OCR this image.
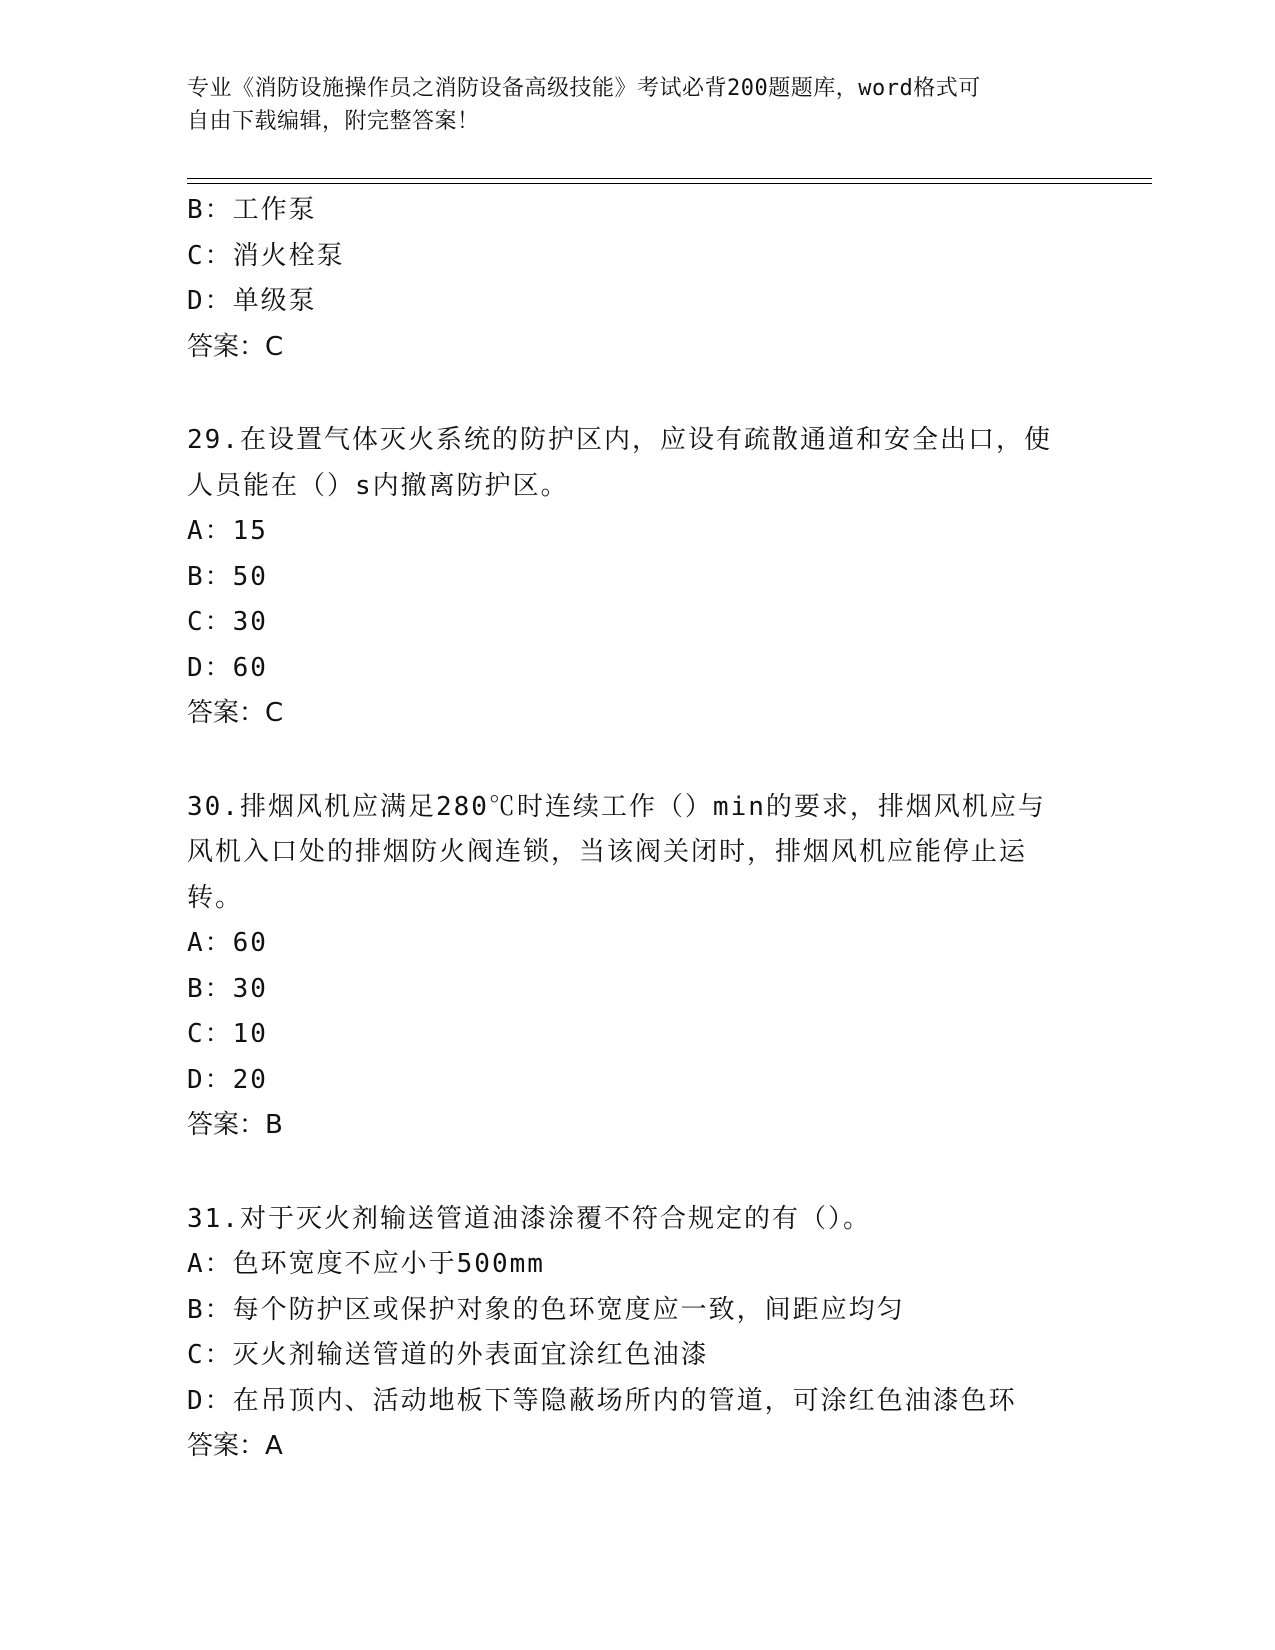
专业《消防设施操作员之消防设备高级技能》考试必背200题题库，word格式可
自由下载编辑，附完整答案！
B：工作泵
C：消火栓泵
D：单级泵
答案：C
29.在设置气体灭火系统的防护区内，应设有疏散通道和安全出口，使
人员能在（）s内撤离防护区。
A：15
B：50
C：30
D：60
答案：C
30.排烟风机应满足280℃时连续工作（）min的要求，排烟风机应与
风机入口处的排烟防火阀连锁，当该阀关闭时，排烟风机应能停止运
转。
A：60
B：30
C：10
D：20
答案：B
31.对于灭火剂输送管道油漆涂覆不符合规定的有（）。
A：色环宽度不应小于500mm
B：每个防护区或保护对象的色环宽度应一致，间距应均匀
C：灭火剂输送管道的外表面宜涂红色油漆
D：在吊顶内、活动地板下等隐蔽场所内的管道，可涂红色油漆色环
答案：A
